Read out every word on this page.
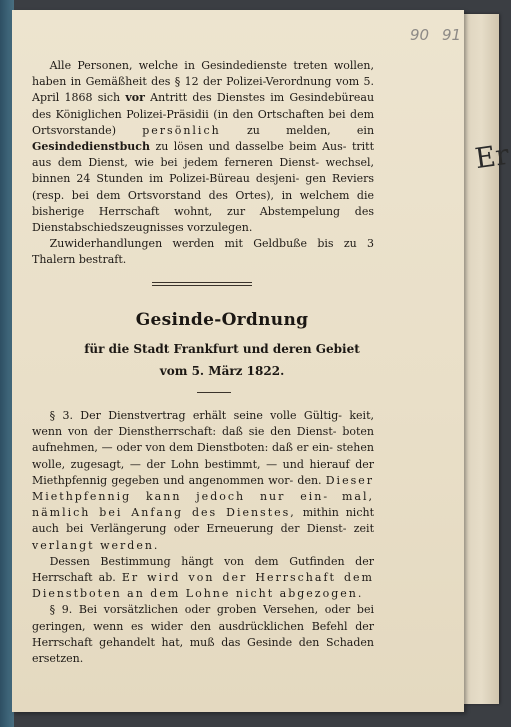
Er
90 91

Alle Personen, welche in Gesindedienste treten wollen, haben in Gemäßheit des § 12 der Polizei-Verordnung vom 5. April 1868 sich vor Antritt des Dienstes im Gesindebüreau des Königlichen Polizei-Präsidii (in den Ortschaften bei dem Ortsvorstande) persönlich zu melden, ein Gesindedienstbuch zu lösen und dasselbe beim Aus- tritt aus dem Dienst, wie bei jedem ferneren Dienst- wechsel, binnen 24 Stunden im Polizei-Büreau desjeni- gen Reviers (resp. bei dem Ortsvorstand des Ortes), in welchem die bisherige Herrschaft wohnt, zur Abstempelung des Dienstabschiedszeugnisses vorzulegen.

Zuwiderhandlungen werden mit Geldbuße bis zu 3 Thalern bestraft.

Gesinde-Ordnung
für die Stadt Frankfurt und deren Gebiet
vom 5. März 1822.

§ 3. Der Dienstvertrag erhält seine volle Gültig- keit, wenn von der Dienstherrschaft: daß sie den Dienst- boten aufnehmen, — oder von dem Dienstboten: daß er ein- stehen wolle, zugesagt, — der Lohn bestimmt, — und hierauf der Miethpfennig gegeben und angenommen wor- den. Dieser Miethpfennig kann jedoch nur ein- mal, nämlich bei Anfang des Dienstes, mithin nicht auch bei Verlängerung oder Erneuerung der Dienst- zeit verlangt werden.

Dessen Bestimmung hängt von dem Gutfinden der Herrschaft ab. Er wird von der Herrschaft dem Dienstboten an dem Lohne nicht abgezogen.

§ 9. Bei vorsätzlichen oder groben Versehen, oder bei geringen, wenn es wider den ausdrücklichen Befehl der Herrschaft gehandelt hat, muß das Gesinde den Schaden ersetzen.
